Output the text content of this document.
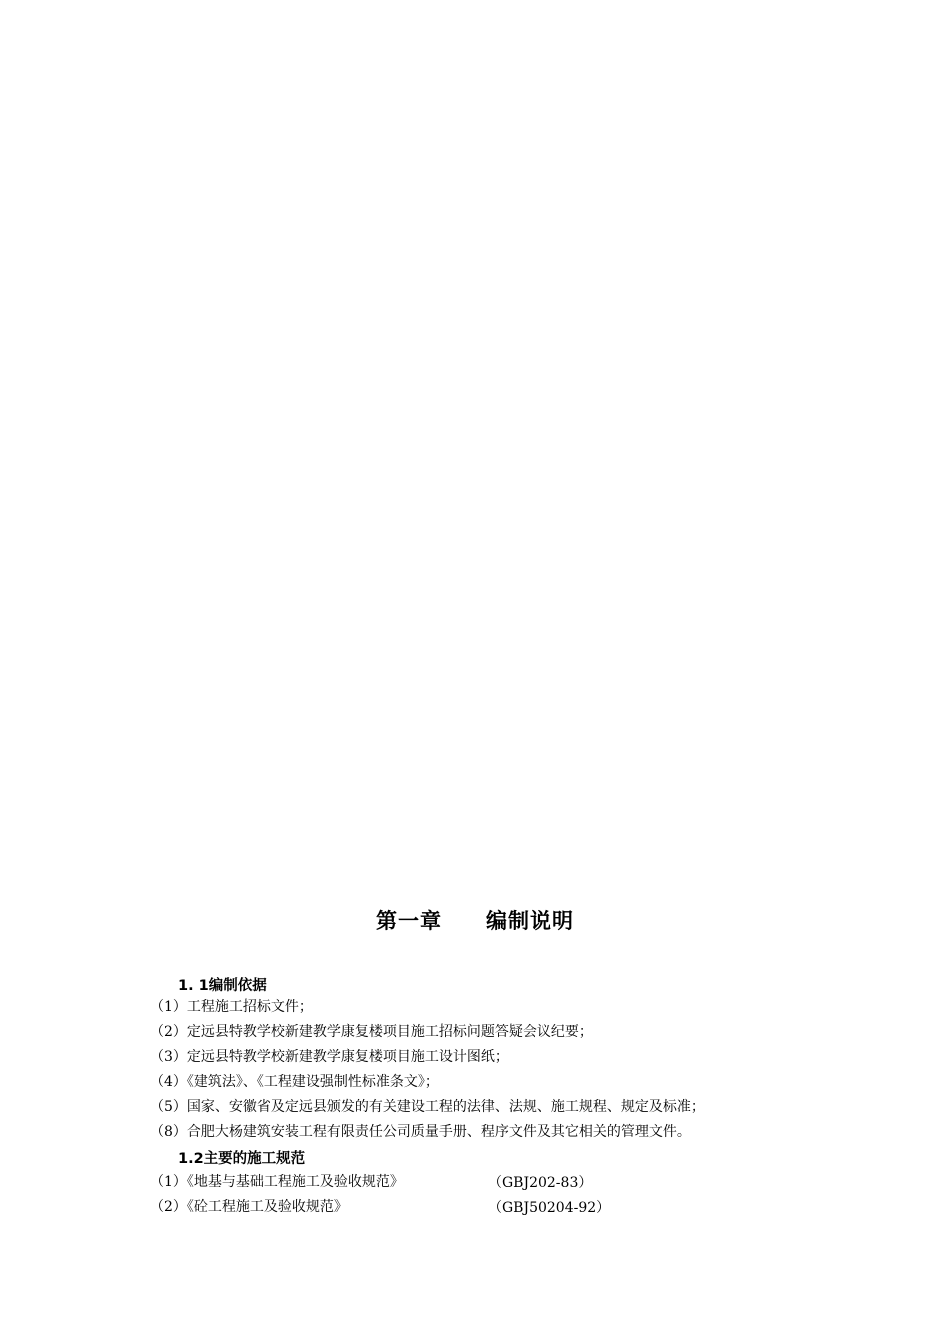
第一章 编制说明
1. 1编制依据
（1）工程施工招标文件；
（2）定远县特教学校新建教学康复楼项目施工招标问题答疑会议纪要；
（3）定远县特教学校新建教学康复楼项目施工设计图纸；
（4）《建筑法》、《工程建设强制性标准条文》；
（5）国家、安徽省及定远县颁发的有关建设工程的法律、法规、施工规程、规定及标准；
（8）合肥大杨建筑安装工程有限责任公司质量手册、程序文件及其它相关的管理文件。
1.2主要的施工规范
（1）《地基与基础工程施工及验收规范》	（GBJ202-83）
（2）《砼工程施工及验收规范》	（GBJ50204-92）
